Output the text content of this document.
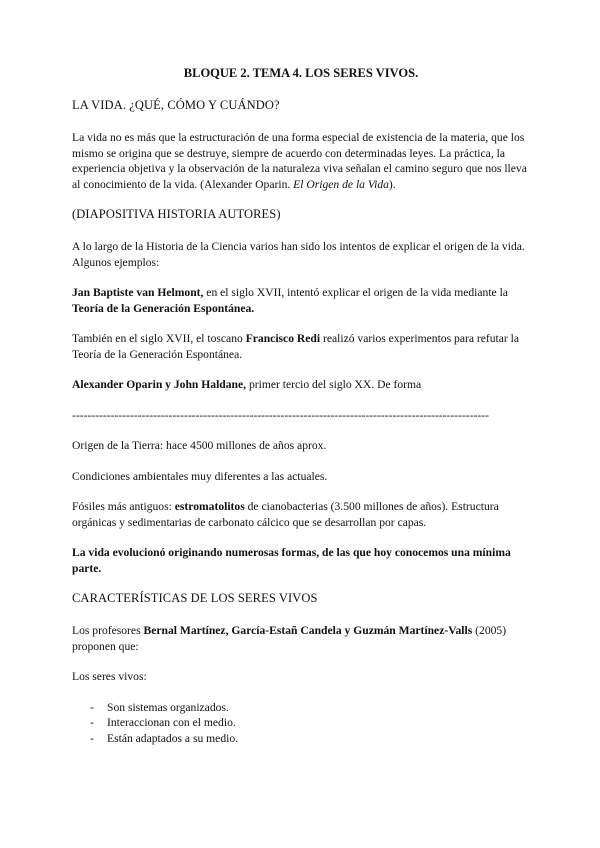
BLOQUE 2. TEMA 4. LOS SERES VIVOS.
LA VIDA. ¿QUÉ, CÓMO Y CUÁNDO?

La vida no es más que la estructuración de una forma especial de existencia de la materia, que los mismo se origina que se destruye, siempre de acuerdo con determinadas leyes. La práctica, la experiencia objetiva y la observación de la naturaleza viva señalan el camino seguro que nos lleva al conocimiento de la vida. (Alexander Oparin. El Origen de la Vida).

(DIAPOSITIVA HISTORIA AUTORES)

A lo largo de la Historia de la Ciencia varios han sido los intentos de explicar el origen de la vida. Algunos ejemplos:

Jan Baptiste van Helmont, en el siglo XVII, intentó explicar el origen de la vida mediante la Teoría de la Generación Espontánea.

También en el siglo XVII, el toscano Francisco Redi realizó varios experimentos para refutar la Teoría de la Generación Espontánea.

Alexander Oparin y John Haldane, primer tercio del siglo XX. De forma

------------------------------------------------------------------------------------------------------------

Origen de la Tierra: hace 4500 millones de años aprox.

Condiciones ambientales muy diferentes a las actuales.

Fósiles más antiguos: estromatolitos de cianobacterias (3.500 millones de años). Estructura orgánicas y sedimentarias de carbonato cálcico que se desarrollan por capas.

La vida evolucionó originando numerosas formas, de las que hoy conocemos una mínima parte.

CARACTERÍSTICAS DE LOS SERES VIVOS

Los profesores Bernal Martínez, García-Estañ Candela y Guzmán Martínez-Valls (2005) proponen que:

Los seres vivos:

-	Son sistemas organizados.
-	Interaccionan con el medio.
-	Están adaptados a su medio.
